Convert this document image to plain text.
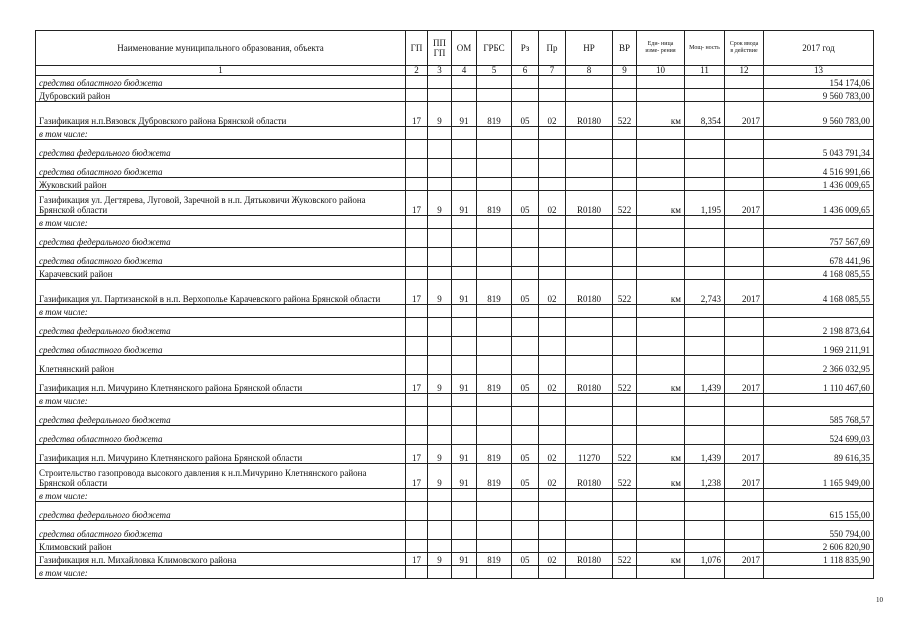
Наименование муниципального образования, объекта	ГП	ППГП	ОМ	ГРБС	Рз	Пр	НР	ВР	Еди- ница изме- рения	Мощ- ность	Срок ввода в действие	2017 год
1	2	3	4	5	6	7	8	9	10	11	12	13
средства областного бюджета												154 174,06
Дубровский район												9 560 783,00
Газификация н.п.Вязовск Дубровского района Брянской области	17	9	91	819	05	02	R0180	522	км	8,354	2017	9 560 783,00
в том числе:												
средства федерального бюджета												5 043 791,34
средства областного бюджета												4 516 991,66
Жуковский район												1 436 009,65
Газификация ул. Дегтярева, Луговой, Заречной в н.п. Дятьковичи Жуковского района Брянской области	17	9	91	819	05	02	R0180	522	км	1,195	2017	1 436 009,65
в том числе:												
средства федерального бюджета												757 567,69
средства областного бюджета												678 441,96
Карачевский район												4 168 085,55
Газификация ул. Партизанской в н.п. Верхополье Карачевского района Брянской области	17	9	91	819	05	02	R0180	522	км	2,743	2017	4 168 085,55
в том числе:												
средства федерального бюджета												2 198 873,64
средства областного бюджета												1 969 211,91
Клетнянский район												2 366 032,95
Газификация н.п. Мичурино Клетнянского района Брянской области	17	9	91	819	05	02	R0180	522	км	1,439	2017	1 110 467,60
в том числе:												
средства федерального бюджета												585 768,57
средства областного бюджета												524 699,03
Газификация н.п. Мичурино Клетнянского района Брянской области	17	9	91	819	05	02	11270	522	км	1,439	2017	89 616,35
Строительство газопровода высокого давления к н.п.Мичурино Клетнянского района Брянской области	17	9	91	819	05	02	R0180	522	км	1,238	2017	1 165 949,00
в том числе:												
средства федерального бюджета												615 155,00
средства областного бюджета												550 794,00
Климовский район												2 606 820,90
Газификация н.п. Михайловка Климовского района	17	9	91	819	05	02	R0180	522	км	1,076	2017	1 118 835,90
в том числе:												
10
